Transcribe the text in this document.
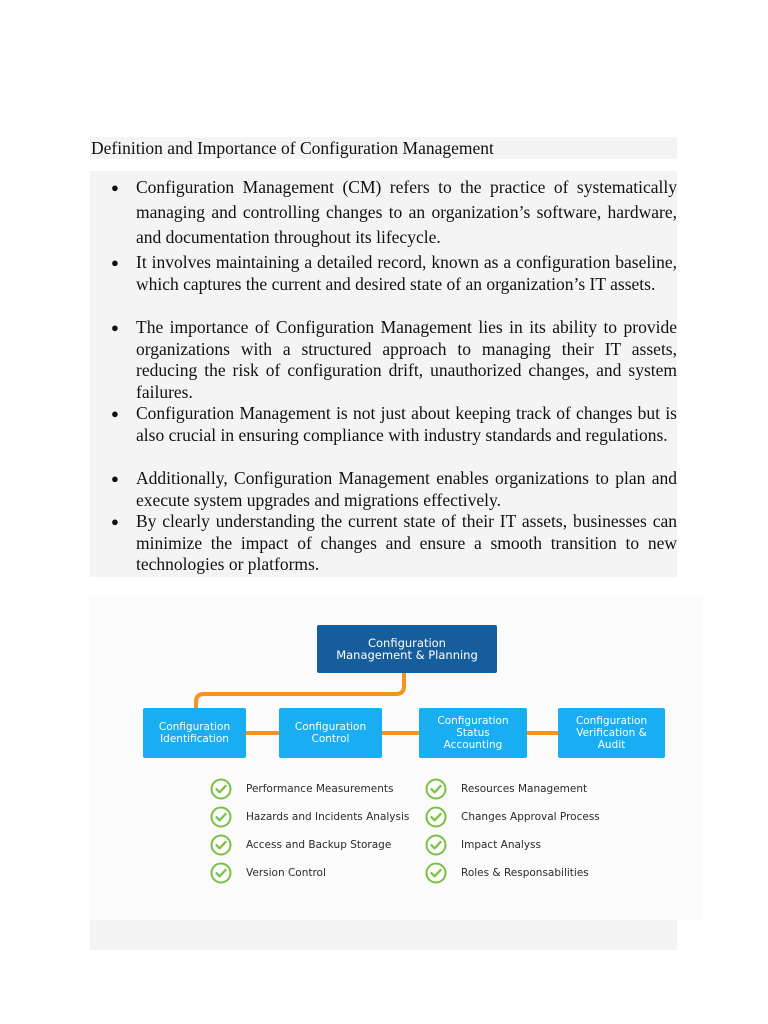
Definition and Importance of Configuration Management
● Configuration Management (CM) refers to the practice of systematically managing and controlling changes to an organization’s software, hardware, and documentation throughout its lifecycle.
● It involves maintaining a detailed record, known as a configuration baseline, which captures the current and desired state of an organization’s IT assets.
● The importance of Configuration Management lies in its ability to provide organizations with a structured approach to managing their IT assets, reducing the risk of configuration drift, unauthorized changes, and system failures.
● Configuration Management is not just about keeping track of changes but is also crucial in ensuring compliance with industry standards and regulations.
● Additionally, Configuration Management enables organizations to plan and execute system upgrades and migrations effectively.
● By clearly understanding the current state of their IT assets, businesses can minimize the impact of changes and ensure a smooth transition to new technologies or platforms.
Configuration
Management & Planning
Configuration
Identification
Configuration
Control
Configuration
Status
Accounting
Configuration
Verification &
Audit
Performance Measurements
Hazards and Incidents Analysis
Access and Backup Storage
Version Control
Resources Management
Changes Approval Process
Impact Analyss
Roles & Responsabilities
